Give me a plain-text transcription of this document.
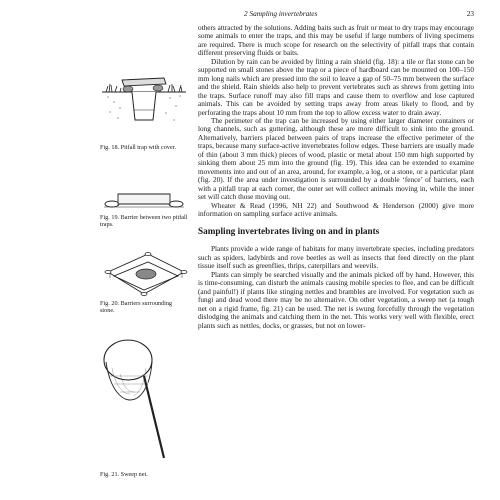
2 Sampling invertebrates	23
Fig. 18. Pitfall trap with cover.
Fig. 19. Barrier between two pitfall traps.
Fig. 20. Barriers surrounding stone.
Fig. 21. Sweep net.

others attracted by the solutions. Adding baits such as fruit or meat to dry traps may encourage some animals to enter the traps, and this may be useful if large numbers of living specimens are required. There is much scope for research on the selectivity of pitfall traps that contain different preserving fluids or baits.

Dilution by rain can be avoided by fitting a rain shield (fig. 18): a tile or flat stone can be supported on small stones above the trap or a piece of hardboard can be mounted on 100–150 mm long nails which are pressed into the soil to leave a gap of 50–75 mm between the surface and the shield. Rain shields also help to prevent vertebrates such as shrews from getting into the traps. Surface runoff may also fill traps and cause them to overflow and lose captured animals. This can be avoided by setting traps away from areas likely to flood, and by perforating the traps about 10 mm from the top to allow excess water to drain away.

The perimeter of the trap can be increased by using either larger diameter containers or long channels, such as guttering, although these are more difficult to sink into the ground. Alternatively, barriers placed between pairs of traps increase the effective perimeter of the traps, because many surface-active invertebrates follow edges. These barriers are usually made of thin (about 3 mm thick) pieces of wood, plastic or metal about 150 mm high supported by sinking them about 25 mm into the ground (fig. 19). This idea can be extended to examine movements into and out of an area, around, for example, a log, or a stone, or a particular plant (fig. 20). If the area under investigation is surrounded by a double ‘fence’ of barriers, each with a pitfall trap at each corner, the outer set will collect animals moving in, while the inner set will catch those moving out.

Wheater & Read (1996, NH 22) and Southwood & Henderson (2000) give more information on sampling surface active animals.

Sampling invertebrates living on and in plants

Plants provide a wide range of habitats for many invertebrate species, including predators such as spiders, ladybirds and rove beetles as well as insects that feed directly on the plant tissue itself such as greenflies, thrips, caterpillars and weevils.

Plants can simply be searched visually and the animals picked off by hand. However, this is time-consuming, can disturb the animals causing mobile species to flee, and can be difficult (and painful!) if plants like stinging nettles and brambles are involved. For vegetation such as fungi and dead wood there may be no alternative. On other vegetation, a sweep net (a tough net on a rigid frame, fig. 21) can be used. The net is swung forcefully through the vegetation dislodging the animals and catching them in the net. This works very well with flexible, erect plants such as nettles, docks, or grasses, but not on lower-
